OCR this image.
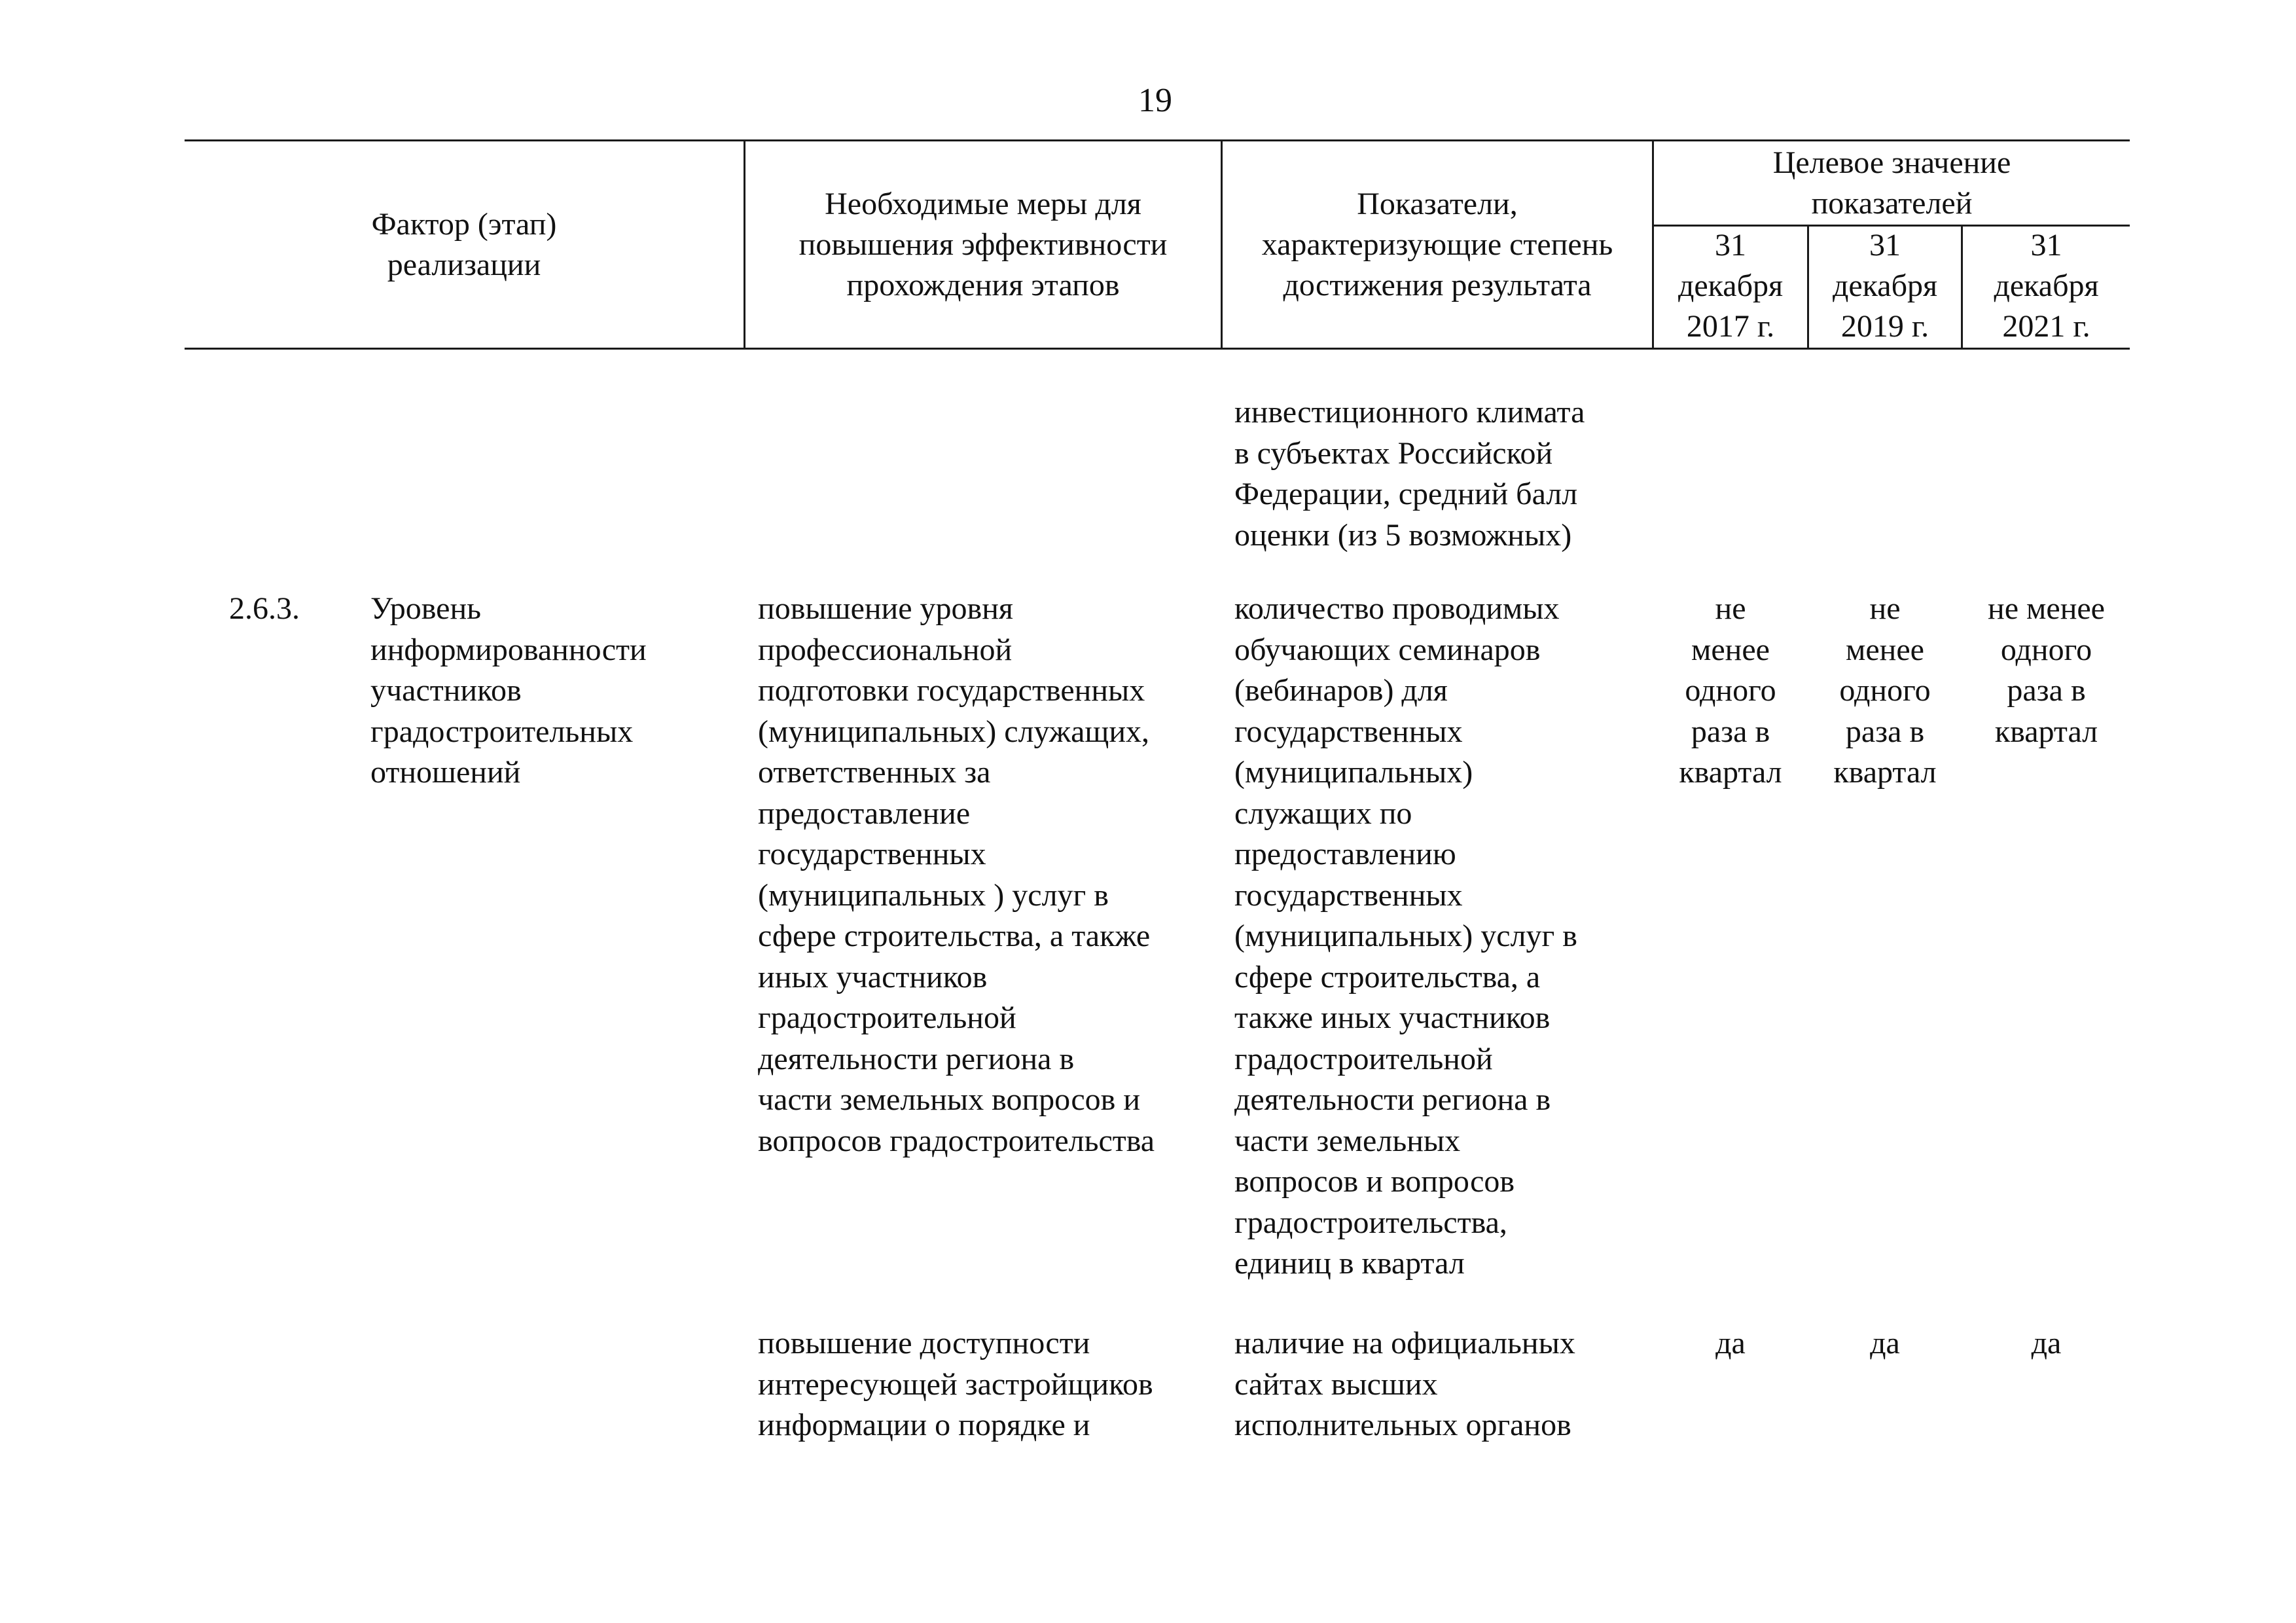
19
Фактор (этап)
реализации
Необходимые меры для
повышения эффективности
прохождения этапов
Показатели,
характеризующие степень
достижения результата
Целевое значение
показателей
31
декабря
2017 г.
31
декабря
2019 г.
31
декабря
2021 г.
инвестиционного климата
в субъектах Российской
Федерации, средний балл
оценки (из 5 возможных)
2.6.3. Уровень
информированности
участников
градостроительных
отношений
повышение уровня
профессиональной
подготовки государственных
(муниципальных) служащих,
ответственных за
предоставление
государственных
(муниципальных ) услуг в
сфере строительства, а также
иных участников
градостроительной
деятельности региона в
части земельных вопросов и
вопросов градостроительства
количество проводимых
обучающих семинаров
(вебинаров) для
государственных
(муниципальных)
служащих по
предоставлению
государственных
(муниципальных) услуг в
сфере строительства, а
также иных участников
градостроительной
деятельности региона в
части земельных
вопросов и вопросов
градостроительства,
единиц в квартал
не
менее
одного
раза в
квартал
не
менее
одного
раза в
квартал
не менее
одного
раза в
квартал
повышение доступности
интересующей застройщиков
информации о порядке и
наличие на официальных
сайтах высших
исполнительных органов
да	да	да
